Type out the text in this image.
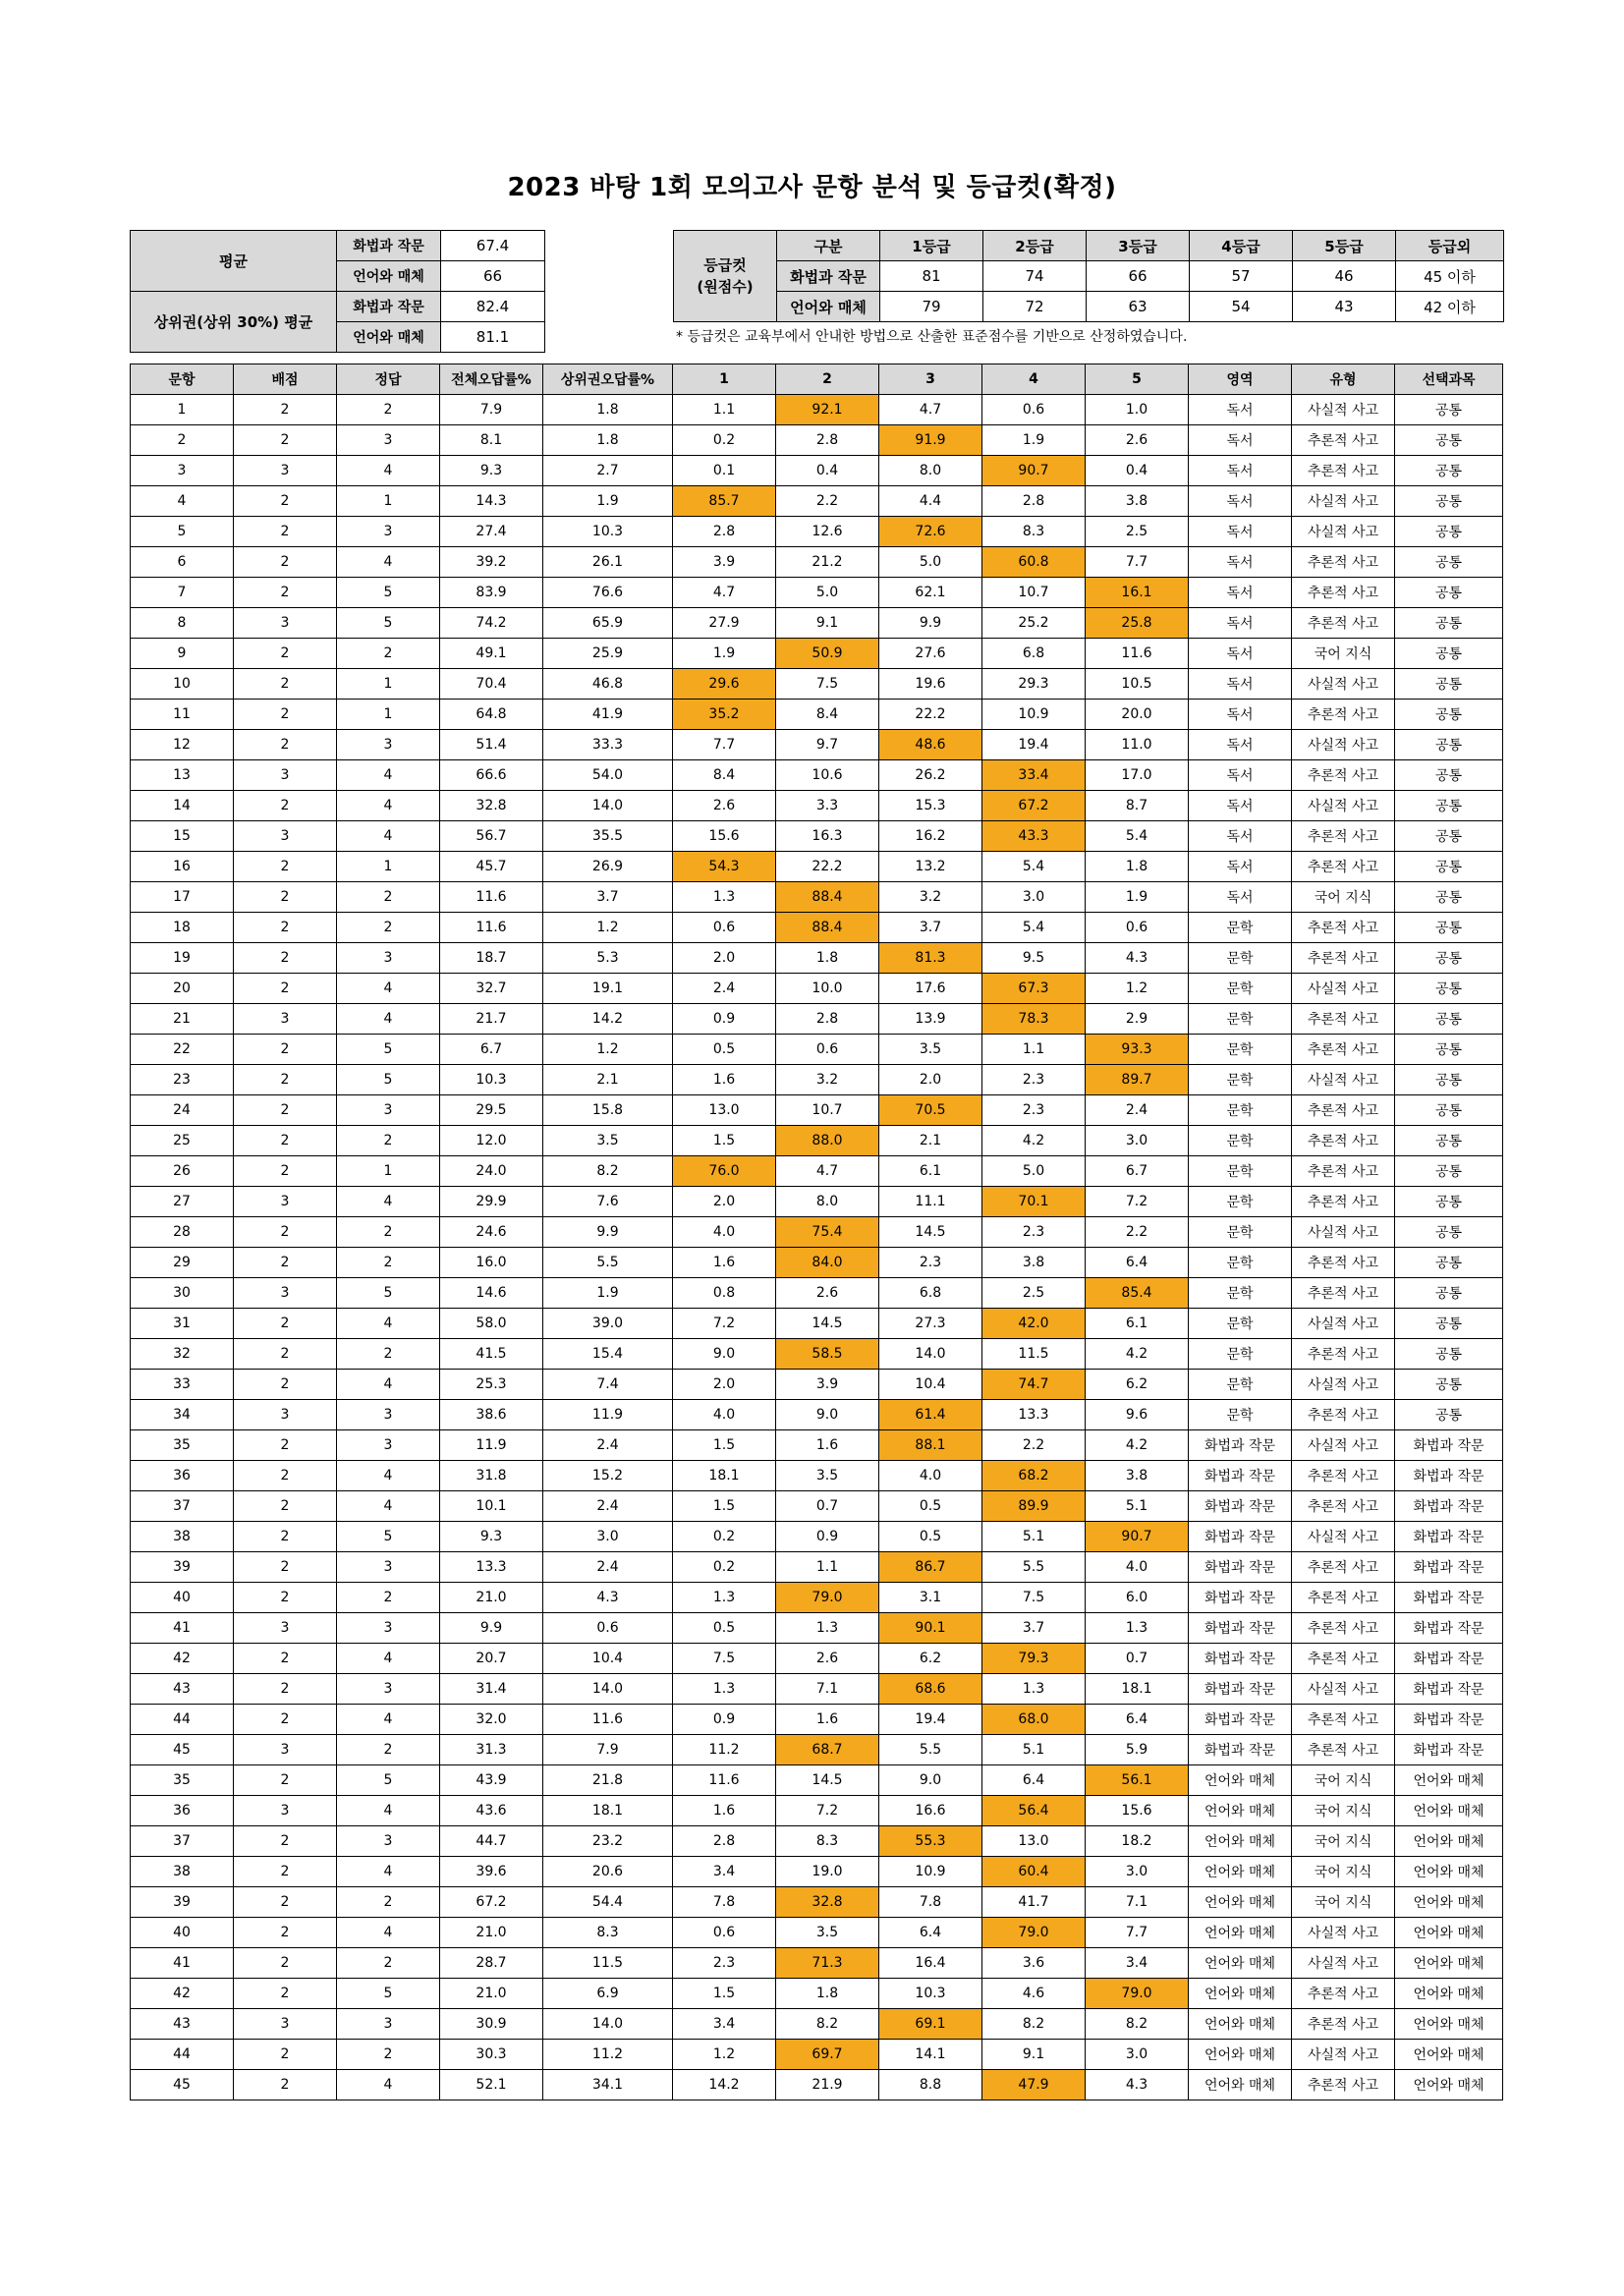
2023 바탕 1회 모의고사 문항 분석 및 등급컷(확정)
평균	화법과 작문	67.4
	언어와 매체	66
상위권(상위 30%) 평균	화법과 작문	82.4
	언어와 매체	81.1
등급컷
(원점수)	구분	1등급	2등급	3등급	4등급	5등급	등급외
	화법과 작문	81	74	66	57	46	45 이하
	언어와 매체	79	72	63	54	43	42 이하
* 등급컷은 교육부에서 안내한 방법으로 산출한 표준점수를 기반으로 산정하였습니다.
문항	배점	정답	전체오답률%	상위권오답률%	1	2	3	4	5	영역	유형	선택과목
1	2	2	7.9	1.8	1.1	92.1	4.7	0.6	1.0	독서	사실적 사고	공통
2	2	3	8.1	1.8	0.2	2.8	91.9	1.9	2.6	독서	추론적 사고	공통
3	3	4	9.3	2.7	0.1	0.4	8.0	90.7	0.4	독서	추론적 사고	공통
4	2	1	14.3	1.9	85.7	2.2	4.4	2.8	3.8	독서	사실적 사고	공통
5	2	3	27.4	10.3	2.8	12.6	72.6	8.3	2.5	독서	사실적 사고	공통
6	2	4	39.2	26.1	3.9	21.2	5.0	60.8	7.7	독서	추론적 사고	공통
7	2	5	83.9	76.6	4.7	5.0	62.1	10.7	16.1	독서	추론적 사고	공통
8	3	5	74.2	65.9	27.9	9.1	9.9	25.2	25.8	독서	추론적 사고	공통
9	2	2	49.1	25.9	1.9	50.9	27.6	6.8	11.6	독서	국어 지식	공통
10	2	1	70.4	46.8	29.6	7.5	19.6	29.3	10.5	독서	사실적 사고	공통
11	2	1	64.8	41.9	35.2	8.4	22.2	10.9	20.0	독서	추론적 사고	공통
12	2	3	51.4	33.3	7.7	9.7	48.6	19.4	11.0	독서	사실적 사고	공통
13	3	4	66.6	54.0	8.4	10.6	26.2	33.4	17.0	독서	추론적 사고	공통
14	2	4	32.8	14.0	2.6	3.3	15.3	67.2	8.7	독서	사실적 사고	공통
15	3	4	56.7	35.5	15.6	16.3	16.2	43.3	5.4	독서	추론적 사고	공통
16	2	1	45.7	26.9	54.3	22.2	13.2	5.4	1.8	독서	추론적 사고	공통
17	2	2	11.6	3.7	1.3	88.4	3.2	3.0	1.9	독서	국어 지식	공통
18	2	2	11.6	1.2	0.6	88.4	3.7	5.4	0.6	문학	추론적 사고	공통
19	2	3	18.7	5.3	2.0	1.8	81.3	9.5	4.3	문학	추론적 사고	공통
20	2	4	32.7	19.1	2.4	10.0	17.6	67.3	1.2	문학	사실적 사고	공통
21	3	4	21.7	14.2	0.9	2.8	13.9	78.3	2.9	문학	추론적 사고	공통
22	2	5	6.7	1.2	0.5	0.6	3.5	1.1	93.3	문학	추론적 사고	공통
23	2	5	10.3	2.1	1.6	3.2	2.0	2.3	89.7	문학	사실적 사고	공통
24	2	3	29.5	15.8	13.0	10.7	70.5	2.3	2.4	문학	추론적 사고	공통
25	2	2	12.0	3.5	1.5	88.0	2.1	4.2	3.0	문학	추론적 사고	공통
26	2	1	24.0	8.2	76.0	4.7	6.1	5.0	6.7	문학	추론적 사고	공통
27	3	4	29.9	7.6	2.0	8.0	11.1	70.1	7.2	문학	추론적 사고	공통
28	2	2	24.6	9.9	4.0	75.4	14.5	2.3	2.2	문학	사실적 사고	공통
29	2	2	16.0	5.5	1.6	84.0	2.3	3.8	6.4	문학	추론적 사고	공통
30	3	5	14.6	1.9	0.8	2.6	6.8	2.5	85.4	문학	추론적 사고	공통
31	2	4	58.0	39.0	7.2	14.5	27.3	42.0	6.1	문학	사실적 사고	공통
32	2	2	41.5	15.4	9.0	58.5	14.0	11.5	4.2	문학	추론적 사고	공통
33	2	4	25.3	7.4	2.0	3.9	10.4	74.7	6.2	문학	사실적 사고	공통
34	3	3	38.6	11.9	4.0	9.0	61.4	13.3	9.6	문학	추론적 사고	공통
35	2	3	11.9	2.4	1.5	1.6	88.1	2.2	4.2	화법과 작문	사실적 사고	화법과 작문
36	2	4	31.8	15.2	18.1	3.5	4.0	68.2	3.8	화법과 작문	추론적 사고	화법과 작문
37	2	4	10.1	2.4	1.5	0.7	0.5	89.9	5.1	화법과 작문	추론적 사고	화법과 작문
38	2	5	9.3	3.0	0.2	0.9	0.5	5.1	90.7	화법과 작문	사실적 사고	화법과 작문
39	2	3	13.3	2.4	0.2	1.1	86.7	5.5	4.0	화법과 작문	추론적 사고	화법과 작문
40	2	2	21.0	4.3	1.3	79.0	3.1	7.5	6.0	화법과 작문	추론적 사고	화법과 작문
41	3	3	9.9	0.6	0.5	1.3	90.1	3.7	1.3	화법과 작문	추론적 사고	화법과 작문
42	2	4	20.7	10.4	7.5	2.6	6.2	79.3	0.7	화법과 작문	추론적 사고	화법과 작문
43	2	3	31.4	14.0	1.3	7.1	68.6	1.3	18.1	화법과 작문	사실적 사고	화법과 작문
44	2	4	32.0	11.6	0.9	1.6	19.4	68.0	6.4	화법과 작문	추론적 사고	화법과 작문
45	3	2	31.3	7.9	11.2	68.7	5.5	5.1	5.9	화법과 작문	추론적 사고	화법과 작문
35	2	5	43.9	21.8	11.6	14.5	9.0	6.4	56.1	언어와 매체	국어 지식	언어와 매체
36	3	4	43.6	18.1	1.6	7.2	16.6	56.4	15.6	언어와 매체	국어 지식	언어와 매체
37	2	3	44.7	23.2	2.8	8.3	55.3	13.0	18.2	언어와 매체	국어 지식	언어와 매체
38	2	4	39.6	20.6	3.4	19.0	10.9	60.4	3.0	언어와 매체	국어 지식	언어와 매체
39	2	2	67.2	54.4	7.8	32.8	7.8	41.7	7.1	언어와 매체	국어 지식	언어와 매체
40	2	4	21.0	8.3	0.6	3.5	6.4	79.0	7.7	언어와 매체	사실적 사고	언어와 매체
41	2	2	28.7	11.5	2.3	71.3	16.4	3.6	3.4	언어와 매체	사실적 사고	언어와 매체
42	2	5	21.0	6.9	1.5	1.8	10.3	4.6	79.0	언어와 매체	추론적 사고	언어와 매체
43	3	3	30.9	14.0	3.4	8.2	69.1	8.2	8.2	언어와 매체	추론적 사고	언어와 매체
44	2	2	30.3	11.2	1.2	69.7	14.1	9.1	3.0	언어와 매체	사실적 사고	언어와 매체
45	2	4	52.1	34.1	14.2	21.9	8.8	47.9	4.3	언어와 매체	추론적 사고	언어와 매체
